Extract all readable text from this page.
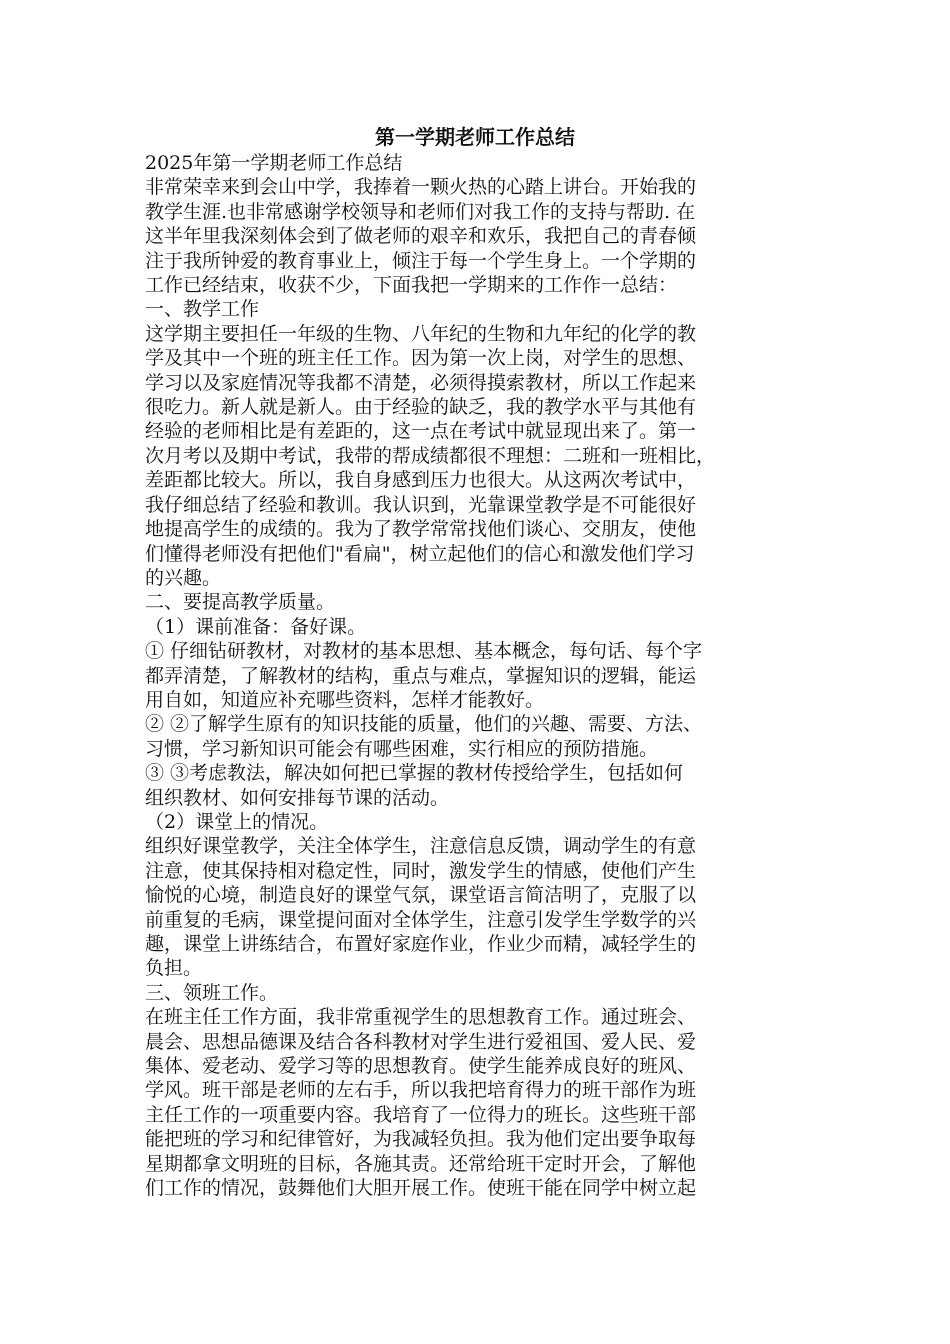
第一学期老师工作总结
2025年第一学期老师工作总结
非常荣幸来到会山中学，我捧着一颗火热的心踏上讲台。开始我的
教学生涯.也非常感谢学校领导和老师们对我工作的支持与帮助. 在
这半年里我深刻体会到了做老师的艰辛和欢乐，我把自己的青春倾
注于我所钟爱的教育事业上，倾注于每一个学生身上。一个学期的
工作已经结束，收获不少，下面我把一学期来的工作作一总结：
一、教学工作
这学期主要担任一年级的生物、八年纪的生物和九年纪的化学的教
学及其中一个班的班主任工作。因为第一次上岗，对学生的思想、
学习以及家庭情况等我都不清楚，必须得摸索教材，所以工作起来
很吃力。新人就是新人。由于经验的缺乏，我的教学水平与其他有
经验的老师相比是有差距的，这一点在考试中就显现出来了。第一
次月考以及期中考试，我带的帮成绩都很不理想：二班和一班相比，
差距都比较大。所以，我自身感到压力也很大。从这两次考试中，
我仔细总结了经验和教训。我认识到，光靠课堂教学是不可能很好
地提高学生的成绩的。我为了教学常常找他们谈心、交朋友，使他
们懂得老师没有把他们"看扁"，树立起他们的信心和激发他们学习
的兴趣。
二、要提高教学质量。
（1）课前准备：备好课。
① 仔细钻研教材，对教材的基本思想、基本概念，每句话、每个字
都弄清楚，了解教材的结构，重点与难点，掌握知识的逻辑，能运
用自如，知道应补充哪些资料，怎样才能教好。
② ②了解学生原有的知识技能的质量，他们的兴趣、需要、方法、
习惯，学习新知识可能会有哪些困难，实行相应的预防措施。
③ ③考虑教法，解决如何把已掌握的教材传授给学生，包括如何
组织教材、如何安排每节课的活动。
（2）课堂上的情况。
组织好课堂教学，关注全体学生，注意信息反馈，调动学生的有意
注意，使其保持相对稳定性，同时，激发学生的情感，使他们产生
愉悦的心境，制造良好的课堂气氛，课堂语言简洁明了，克服了以
前重复的毛病，课堂提问面对全体学生，注意引发学生学数学的兴
趣，课堂上讲练结合，布置好家庭作业，作业少而精，减轻学生的
负担。
三、领班工作。
在班主任工作方面，我非常重视学生的思想教育工作。通过班会、
晨会、思想品德课及结合各科教材对学生进行爱祖国、爱人民、爱
集体、爱老动、爱学习等的思想教育。使学生能养成良好的班风、
学风。班干部是老师的左右手，所以我把培育得力的班干部作为班
主任工作的一项重要内容。我培育了一位得力的班长。这些班干部
能把班的学习和纪律管好，为我减轻负担。我为他们定出要争取每
星期都拿文明班的目标，各施其责。还常给班干定时开会，了解他
们工作的情况，鼓舞他们大胆开展工作。使班干能在同学中树立起
